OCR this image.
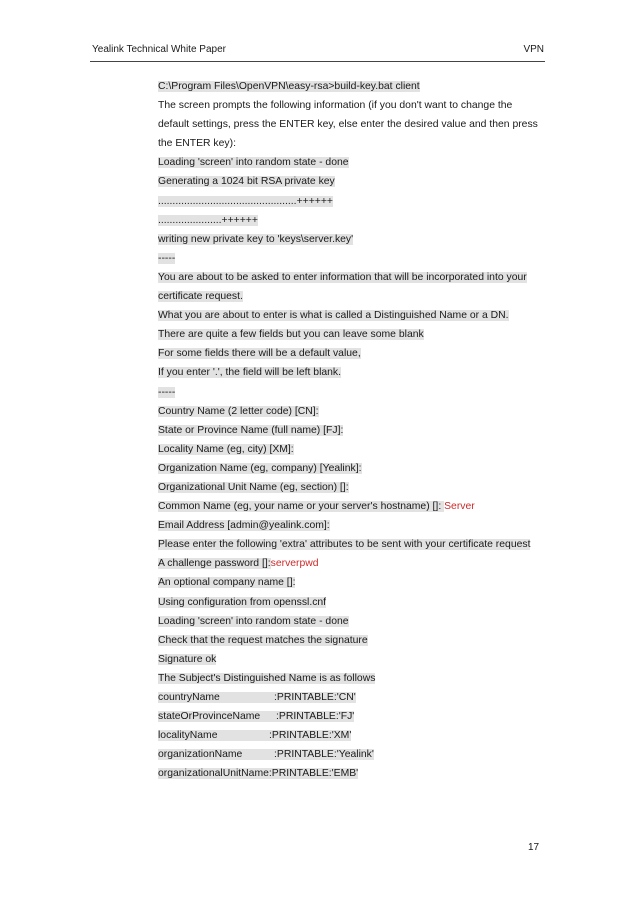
Yealink Technical White Paper	VPN
C:\Program Files\OpenVPN\easy-rsa>build-key.bat client
The screen prompts the following information (if you don't want to change the default settings, press the ENTER key, else enter the desired value and then press the ENTER key):
Loading 'screen' into random state - done
Generating a 1024 bit RSA private key
................................................++++++
......................++++++
writing new private key to 'keys\server.key'
-----
You are about to be asked to enter information that will be incorporated into your
certificate request.
What you are about to enter is what is called a Distinguished Name or a DN.
There are quite a few fields but you can leave some blank
For some fields there will be a default value,
If you enter '.', the field will be left blank.
-----
Country Name (2 letter code) [CN]:
State or Province Name (full name) [FJ]:
Locality Name (eg, city) [XM]:
Organization Name (eg, company) [Yealink]:
Organizational Unit Name (eg, section) []:
Common Name (eg, your name or your server's hostname) []: Server
Email Address [admin@yealink.com]:
Please enter the following 'extra' attributes to be sent with your certificate request
A challenge password []:serverpwd
An optional company name []:
Using configuration from openssl.cnf
Loading 'screen' into random state - done
Check that the request matches the signature
Signature ok
The Subject's Distinguished Name is as follows
countryName	:PRINTABLE:'CN'
stateOrProvinceName :PRINTABLE:'FJ'
localityName	:PRINTABLE:'XM'
organizationName	:PRINTABLE:'Yealink'
organizationalUnitName:PRINTABLE:'EMB'
17
